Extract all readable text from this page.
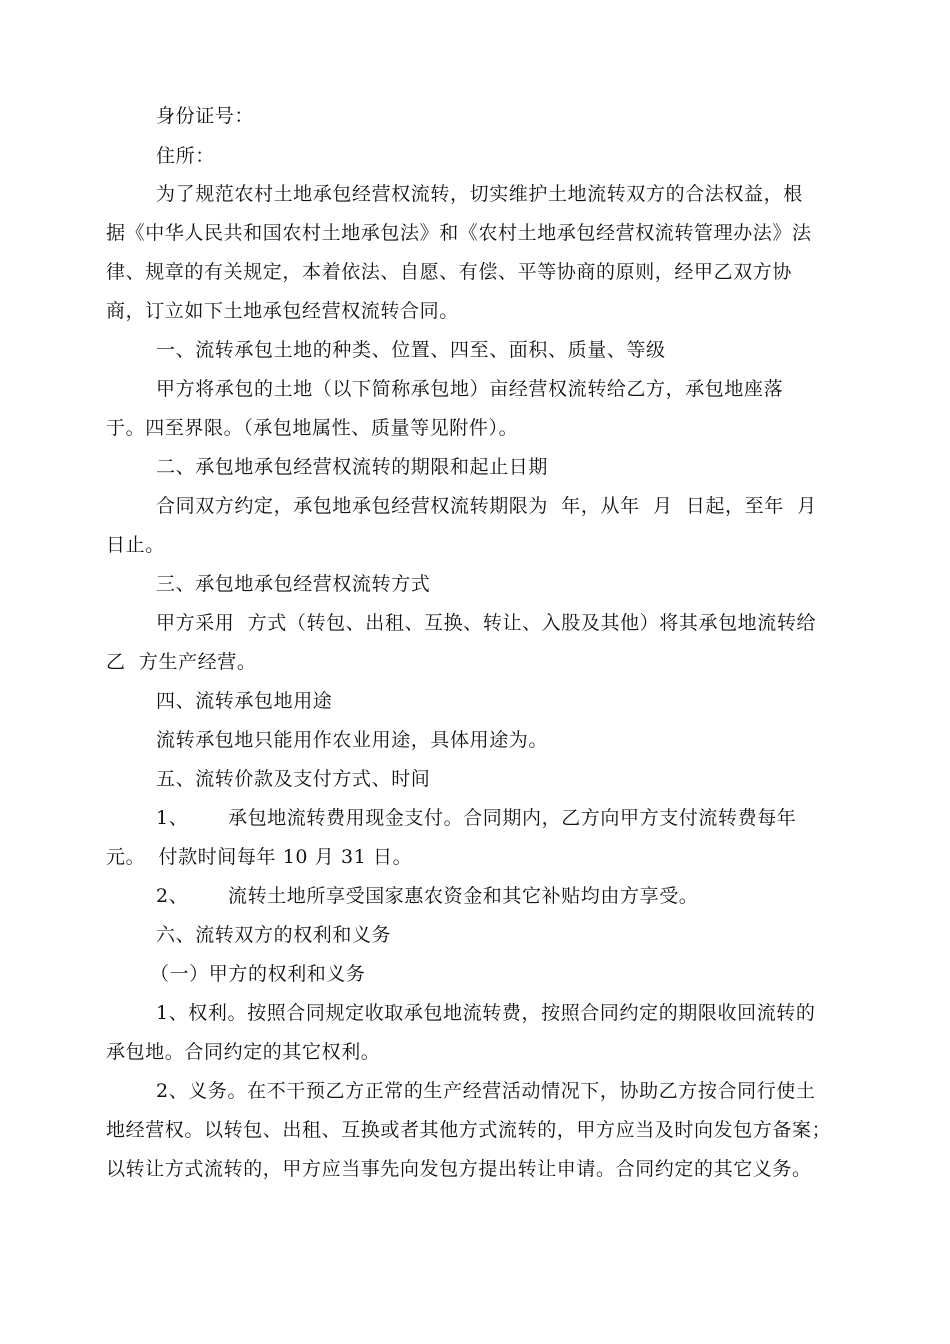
身份证号：
住所：
为了规范农村土地承包经营权流转，切实维护土地流转双方的合法权益，根
据《中华人民共和国农村土地承包法》和《农村土地承包经营权流转管理办法》法
律、规章的有关规定，本着依法、自愿、有偿、平等协商的原则，经甲乙双方协
商，订立如下土地承包经营权流转合同。
一、流转承包土地的种类、位置、四至、面积、质量、等级
甲方将承包的土地（以下简称承包地）亩经营权流转给乙方，承包地座落
于。四至界限。（承包地属性、质量等见附件）。
二、承包地承包经营权流转的期限和起止日期
合同双方约定，承包地承包经营权流转期限为  年，从年  月  日起，至年  月
日止。
三、承包地承包经营权流转方式
甲方采用  方式（转包、出租、互换、转让、入股及其他）将其承包地流转给
乙  方生产经营。
四、流转承包地用途
流转承包地只能用作农业用途，具体用途为。
五、流转价款及支付方式、时间
1、 承包地流转费用现金支付。合同期内，乙方向甲方支付流转费每年
元。  付款时间每年 10 月 31 日。
2、 流转土地所享受国家惠农资金和其它补贴均由方享受。
六、流转双方的权利和义务
（一）甲方的权利和义务
1、权利。按照合同规定收取承包地流转费，按照合同约定的期限收回流转的
承包地。合同约定的其它权利。
2、义务。在不干预乙方正常的生产经营活动情况下，协助乙方按合同行使土
地经营权。以转包、出租、互换或者其他方式流转的，甲方应当及时向发包方备案；
以转让方式流转的，甲方应当事先向发包方提出转让申请。合同约定的其它义务。
